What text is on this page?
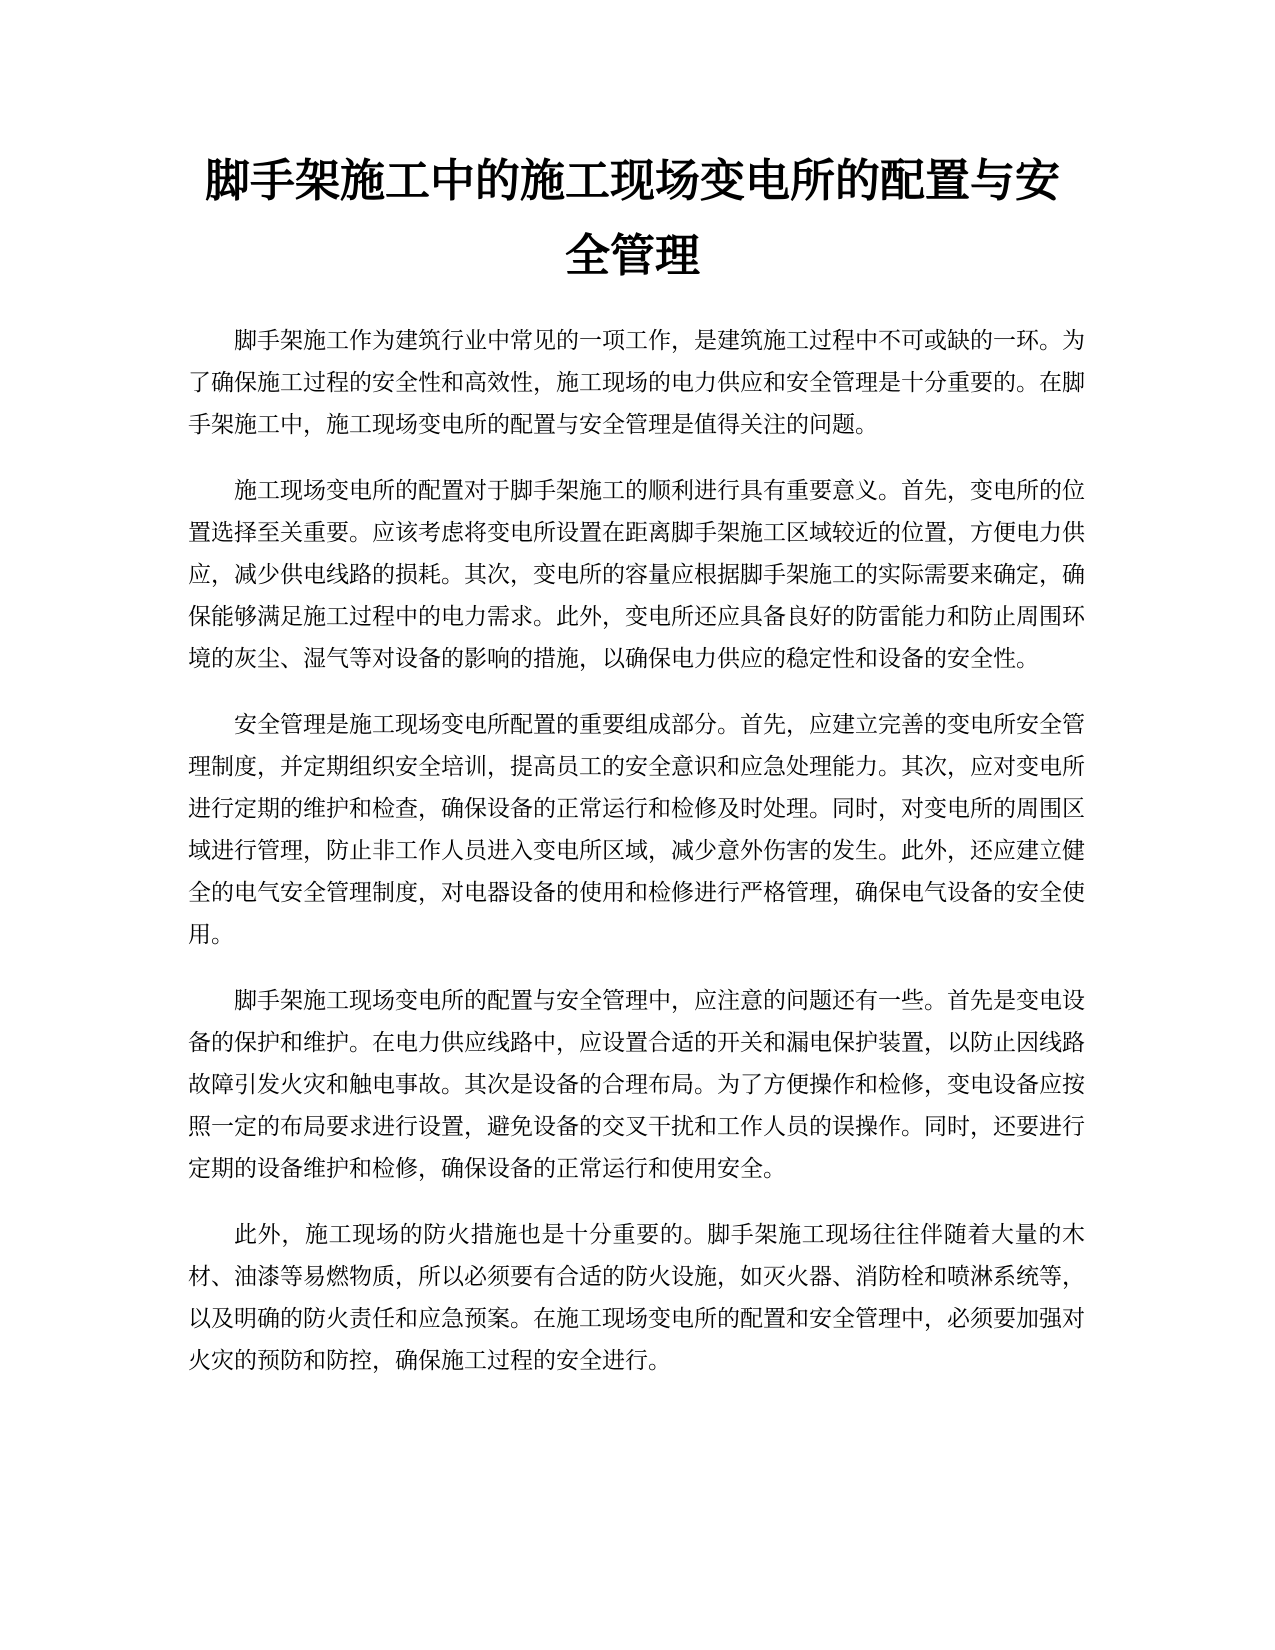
脚手架施工中的施工现场变电所的配置与安全管理

脚手架施工作为建筑行业中常见的一项工作，是建筑施工过程中不可或缺的一环。为了确保施工过程的安全性和高效性，施工现场的电力供应和安全管理是十分重要的。在脚手架施工中，施工现场变电所的配置与安全管理是值得关注的问题。

施工现场变电所的配置对于脚手架施工的顺利进行具有重要意义。首先，变电所的位置选择至关重要。应该考虑将变电所设置在距离脚手架施工区域较近的位置，方便电力供应，减少供电线路的损耗。其次，变电所的容量应根据脚手架施工的实际需要来确定，确保能够满足施工过程中的电力需求。此外，变电所还应具备良好的防雷能力和防止周围环境的灰尘、湿气等对设备的影响的措施，以确保电力供应的稳定性和设备的安全性。

安全管理是施工现场变电所配置的重要组成部分。首先，应建立完善的变电所安全管理制度，并定期组织安全培训，提高员工的安全意识和应急处理能力。其次，应对变电所进行定期的维护和检查，确保设备的正常运行和检修及时处理。同时，对变电所的周围区域进行管理，防止非工作人员进入变电所区域，减少意外伤害的发生。此外，还应建立健全的电气安全管理制度，对电器设备的使用和检修进行严格管理，确保电气设备的安全使用。

脚手架施工现场变电所的配置与安全管理中，应注意的问题还有一些。首先是变电设备的保护和维护。在电力供应线路中，应设置合适的开关和漏电保护装置，以防止因线路故障引发火灾和触电事故。其次是设备的合理布局。为了方便操作和检修，变电设备应按照一定的布局要求进行设置，避免设备的交叉干扰和工作人员的误操作。同时，还要进行定期的设备维护和检修，确保设备的正常运行和使用安全。

此外，施工现场的防火措施也是十分重要的。脚手架施工现场往往伴随着大量的木材、油漆等易燃物质，所以必须要有合适的防火设施，如灭火器、消防栓和喷淋系统等，以及明确的防火责任和应急预案。在施工现场变电所的配置和安全管理中，必须要加强对火灾的预防和防控，确保施工过程的安全进行。
